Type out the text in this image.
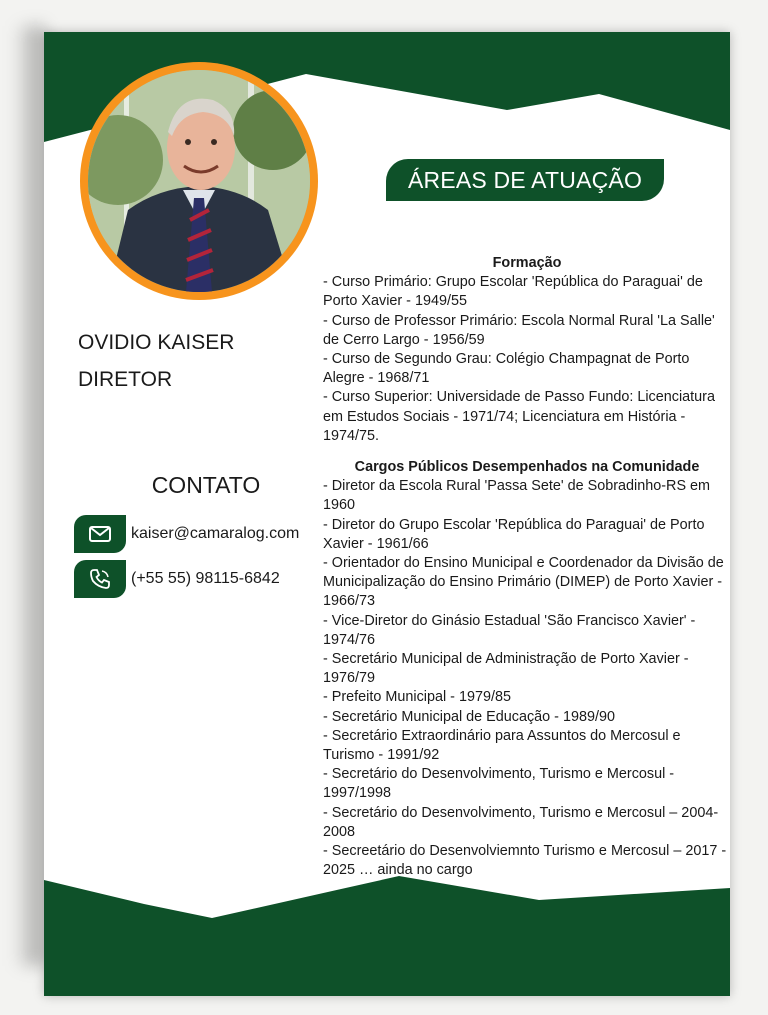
OVIDIO KAISER
DIRETOR
CONTATO
kaiser@camaralog.com
(+55 55) 98115-6842
ÁREAS DE ATUAÇÃO

Formação

- Curso Primário: Grupo Escolar 'República do Paraguai' de Porto Xavier - 1949/55

- Curso de Professor Primário: Escola Normal Rural 'La Salle' de Cerro Largo - 1956/59

- Curso de Segundo Grau: Colégio Champagnat de Porto Alegre - 1968/71

- Curso Superior: Universidade de Passo Fundo: Licenciatura em Estudos Sociais - 1971/74; Licenciatura em História - 1974/75.

Cargos Públicos Desempenhados na Comunidade

- Diretor da Escola Rural 'Passa Sete' de Sobradinho-RS em 1960

- Diretor do Grupo Escolar 'República do Paraguai' de Porto Xavier - 1961/66

- Orientador do Ensino Municipal e Coordenador da Divisão de Municipalização do Ensino Primário (DIMEP) de Porto Xavier - 1966/73

- Vice-Diretor do Ginásio Estadual 'São Francisco Xavier' - 1974/76

- Secretário Municipal de Administração de Porto Xavier - 1976/79

- Prefeito Municipal - 1979/85

- Secretário Municipal de Educação - 1989/90

- Secretário Extraordinário para Assuntos do Mercosul e Turismo - 1991/92

- Secretário do Desenvolvimento, Turismo e Mercosul - 1997/1998

- Secretário do Desenvolvimento, Turismo e Mercosul – 2004-2008

- Secreetário do Desenvolviemnto Turismo e Mercosul – 2017 - 2025 … ainda no cargo
